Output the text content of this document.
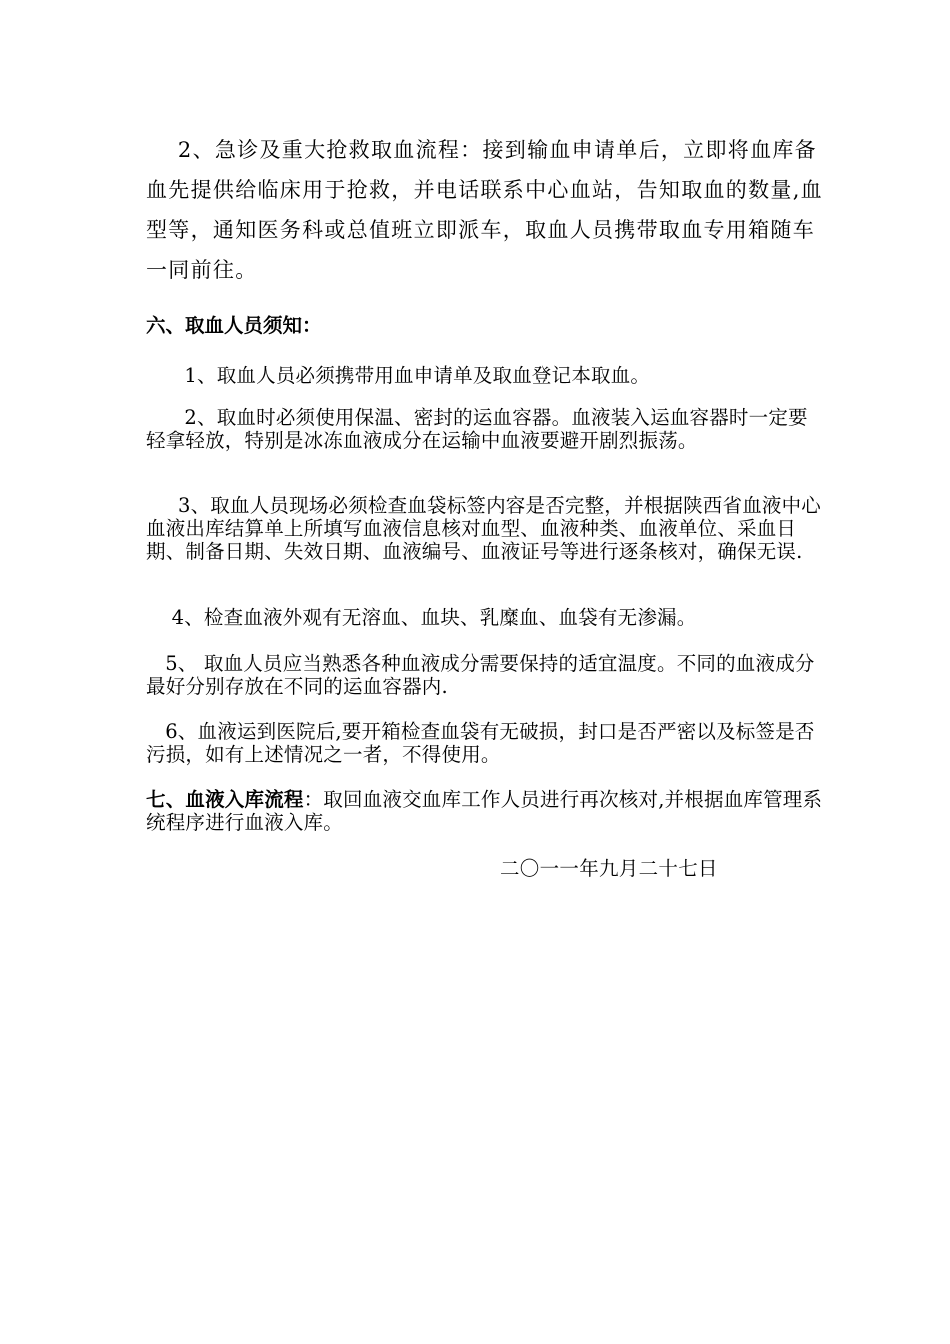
2、急诊及重大抢救取血流程：接到输血申请单后，立即将血库备血先提供给临床用于抢救，并电话联系中心血站，告知取血的数量,血型等，通知医务科或总值班立即派车，取血人员携带取血专用箱随车一同前往。
六、取血人员须知：
1、取血人员必须携带用血申请单及取血登记本取血。
2、取血时必须使用保温、密封的运血容器。血液装入运血容器时一定要轻拿轻放，特别是冰冻血液成分在运输中血液要避开剧烈振荡。
3、取血人员现场必须检查血袋标签内容是否完整，并根据陕西省血液中心血液出库结算单上所填写血液信息核对血型、血液种类、血液单位、采血日期、制备日期、失效日期、血液编号、血液证号等进行逐条核对，确保无误.
4、检查血液外观有无溶血、血块、乳糜血、血袋有无渗漏。
5、 取血人员应当熟悉各种血液成分需要保持的适宜温度。不同的血液成分最好分别存放在不同的运血容器内.
6、血液运到医院后,要开箱检查血袋有无破损，封口是否严密以及标签是否污损，如有上述情况之一者，不得使用。
七、血液入库流程：取回血液交血库工作人员进行再次核对,并根据血库管理系统程序进行血液入库。
二〇一一年九月二十七日
